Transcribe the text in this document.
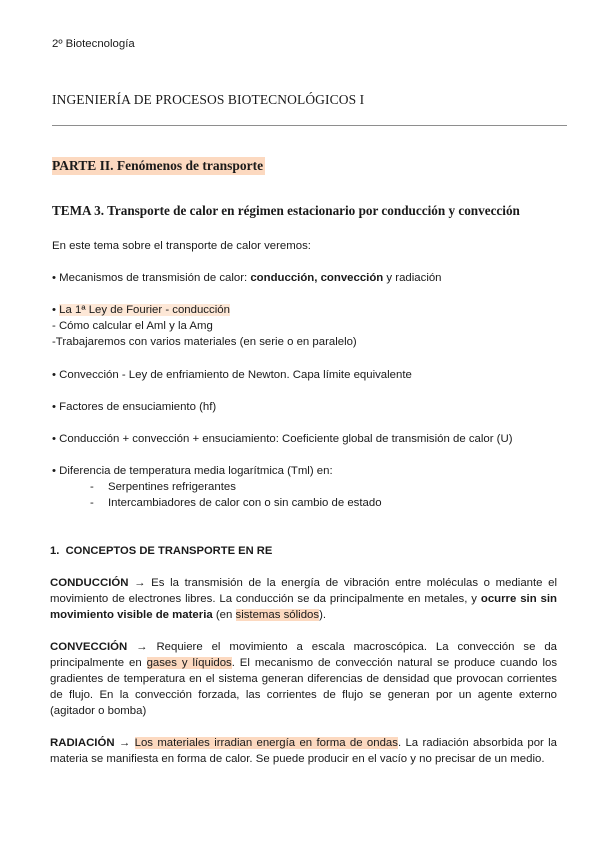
2º Biotecnología
INGENIERÍA DE PROCESOS BIOTECNOLÓGICOS I
PARTE II. Fenómenos de transporte
TEMA 3. Transporte de calor en régimen estacionario por conducción y convección
En este tema sobre el transporte de calor veremos:
• Mecanismos de transmisión de calor: conducción, convección y radiación
• La 1ª Ley de Fourier - conducción
- Cómo calcular el Aml y la Amg
-Trabajaremos con varios materiales (en serie o en paralelo)
• Convección - Ley de enfriamiento de Newton. Capa límite equivalente
• Factores de ensuciamiento (hf)
• Conducción + convección + ensuciamiento: Coeficiente global de transmisión de calor (U)
• Diferencia de temperatura media logarítmica (Tml) en:
- Serpentines refrigerantes
- Intercambiadores de calor con o sin cambio de estado
1. CONCEPTOS DE TRANSPORTE EN RE
CONDUCCIÓN → Es la transmisión de la energía de vibración entre moléculas o mediante el movimiento de electrones libres. La conducción se da principalmente en metales, y ocurre sin sin movimiento visible de materia (en sistemas sólidos).
CONVECCIÓN → Requiere el movimiento a escala macroscópica. La convección se da principalmente en gases y líquidos. El mecanismo de convección natural se produce cuando los gradientes de temperatura en el sistema generan diferencias de densidad que provocan corrientes de flujo. En la convección forzada, las corrientes de flujo se generan por un agente externo (agitador o bomba)
RADIACIÓN → Los materiales irradian energía en forma de ondas. La radiación absorbida por la materia se manifiesta en forma de calor. Se puede producir en el vacío y no precisar de un medio.
